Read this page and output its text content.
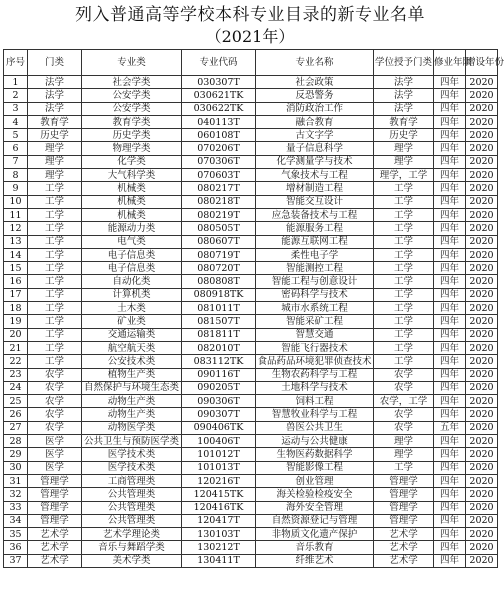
列入普通高等学校本科专业目录的新专业名单
（2021年）
序号	门类	专业类	专业代码	专业名称	学位授予门类	修业年限	增设年份
1	法学	社会学类	030307T	社会政策	法学	四年	2020
2	法学	公安学类	030621TK	反恐警务	法学	四年	2020
3	法学	公安学类	030622TK	消防政治工作	法学	四年	2020
4	教育学	教育学类	040113T	融合教育	教育学	四年	2020
5	历史学	历史学类	060108T	古文字学	历史学	四年	2020
6	理学	物理学类	070206T	量子信息科学	理学	四年	2020
7	理学	化学类	070306T	化学测量学与技术	理学	四年	2020
8	理学	大气科学类	070603T	气象技术与工程	理学，工学	四年	2020
9	工学	机械类	080217T	增材制造工程	工学	四年	2020
10	工学	机械类	080218T	智能交互设计	工学	四年	2020
11	工学	机械类	080219T	应急装备技术与工程	工学	四年	2020
12	工学	能源动力类	080505T	能源服务工程	工学	四年	2020
13	工学	电气类	080607T	能源互联网工程	工学	四年	2020
14	工学	电子信息类	080719T	柔性电子学	工学	四年	2020
15	工学	电子信息类	080720T	智能测控工程	工学	四年	2020
16	工学	自动化类	080808T	智能工程与创意设计	工学	四年	2020
17	工学	计算机类	080918TK	密码科学与技术	工学	四年	2020
18	工学	土木类	081011T	城市水系统工程	工学	四年	2020
19	工学	矿业类	081507T	智能采矿工程	工学	四年	2020
20	工学	交通运输类	081811T	智慧交通	工学	四年	2020
21	工学	航空航天类	082010T	智能飞行器技术	工学	四年	2020
22	工学	公安技术类	083112TK	食品药品环境犯罪侦查技术	工学	四年	2020
23	农学	植物生产类	090116T	生物农药科学与工程	农学	四年	2020
24	农学	自然保护与环境生态类	090205T	土地科学与技术	农学	四年	2020
25	农学	动物生产类	090306T	饲料工程	农学，工学	四年	2020
26	农学	动物生产类	090307T	智慧牧业科学与工程	农学	四年	2020
27	农学	动物医学类	090406TK	兽医公共卫生	农学	五年	2020
28	医学	公共卫生与预防医学类	100406T	运动与公共健康	理学	四年	2020
29	医学	医学技术类	101012T	生物医药数据科学	理学	四年	2020
30	医学	医学技术类	101013T	智能影像工程	工学	四年	2020
31	管理学	工商管理类	120216T	创业管理	管理学	四年	2020
32	管理学	公共管理类	120415TK	海关检验检疫安全	管理学	四年	2020
33	管理学	公共管理类	120416TK	海外安全管理	管理学	四年	2020
34	管理学	公共管理类	120417T	自然资源登记与管理	管理学	四年	2020
35	艺术学	艺术学理论类	130103T	非物质文化遗产保护	艺术学	四年	2020
36	艺术学	音乐与舞蹈学类	130212T	音乐教育	艺术学	四年	2020
37	艺术学	美术学类	130411T	纤维艺术	艺术学	四年	2020
